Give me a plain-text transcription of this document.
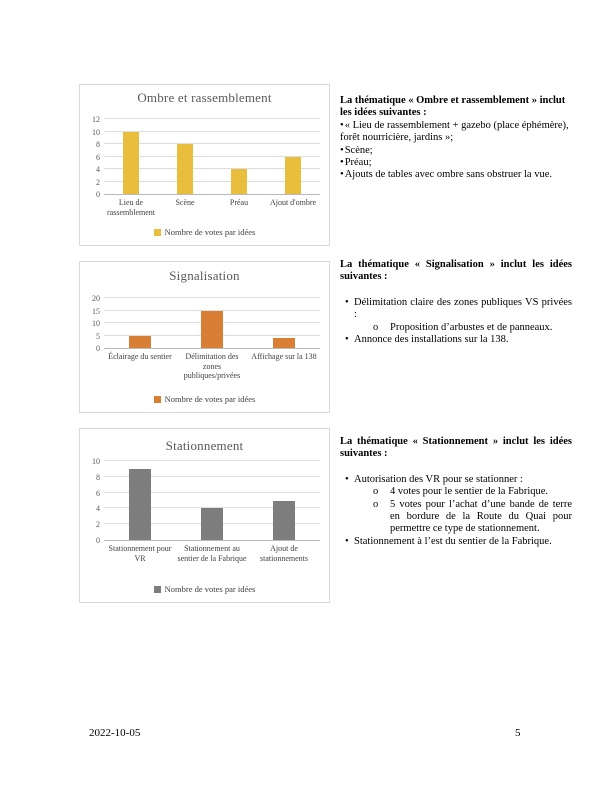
Ombre et rassemblement
0
2
4
6
8
10
12
Lieu de rassemblement
Scène	Préau	Ajout d'ombre
Nombre de votes par idées
Signalisation
0
5
10
15
20
Éclairage du sentier	Délimitation des zones publiques/privées
Affichage sur la 138
Nombre de votes par idées
Stationnement
0
2
4
6
8
10
Stationnement pour VR
Stationnement au sentier de la Fabrique
Ajout de stationnements
Nombre de votes par idées
La thématique « Ombre et rassemblement » inclut les idées suivantes :
•« Lieu de rassemblement + gazebo (place éphémère), forêt nourricière, jardins »;
•Scène;
•Préau;
•Ajouts de tables avec ombre sans obstruer la vue.
La thématique « Signalisation » inclut les idées suivantes :
• Délimitation claire des zones publiques VS privées :
o Proposition d’arbustes et de panneaux.
• Annonce des installations sur la 138.
La thématique « Stationnement » inclut les idées suivantes :
• Autorisation des VR pour se stationner :
o 4 votes pour le sentier de la Fabrique.
o 5 votes pour l’achat d’une bande de terre en bordure de la Route du Quai pour permettre ce type de stationnement.
• Stationnement à l’est du sentier de la Fabrique.
2022-10-05	5
